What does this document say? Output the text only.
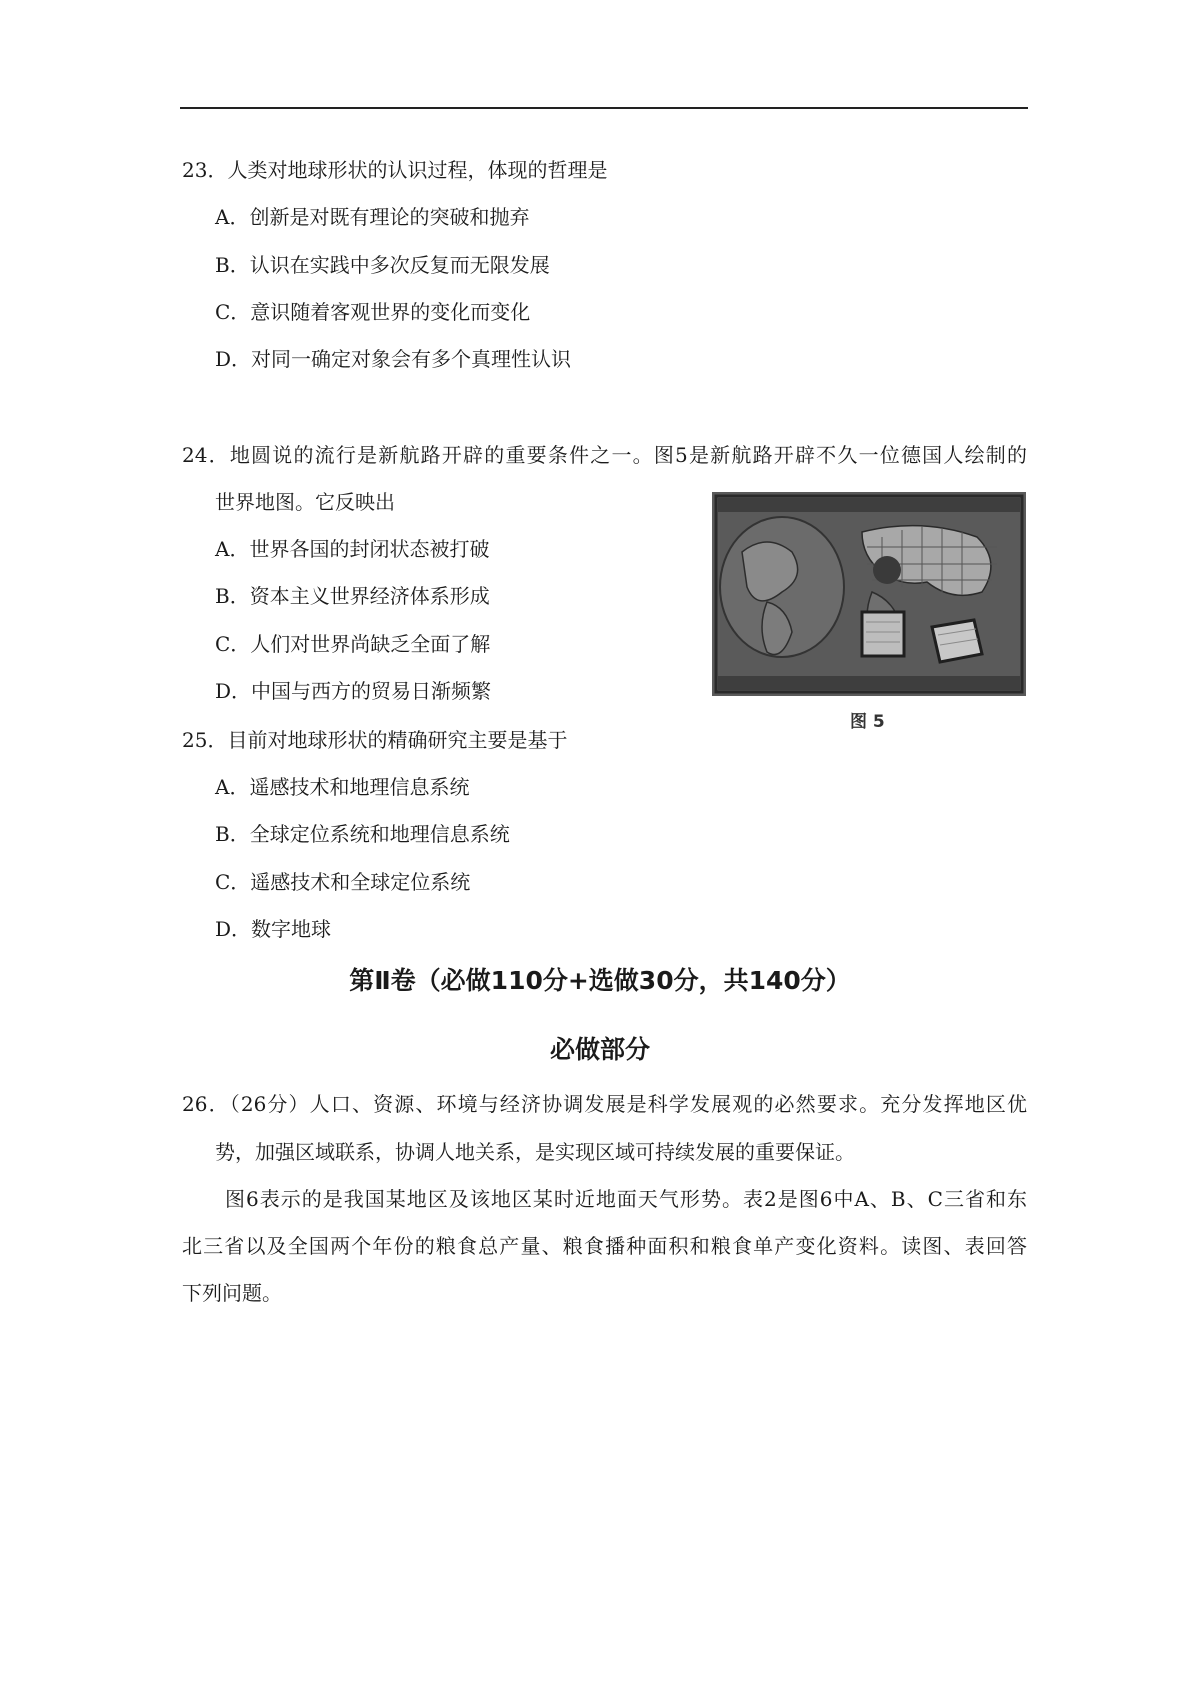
23．人类对地球形状的认识过程，体现的哲理是
A．创新是对既有理论的突破和抛弃
B．认识在实践中多次反复而无限发展
C．意识随着客观世界的变化而变化
D．对同一确定对象会有多个真理性认识
24．地圆说的流行是新航路开辟的重要条件之一。图5是新航路开辟不久一位德国人绘制的
世界地图。它反映出
A．世界各国的封闭状态被打破
B．资本主义世界经济体系形成
C．人们对世界尚缺乏全面了解
D．中国与西方的贸易日渐频繁
图 5
25．目前对地球形状的精确研究主要是基于
A．遥感技术和地理信息系统
B．全球定位系统和地理信息系统
C．遥感技术和全球定位系统
D．数字地球
第Ⅱ卷（必做110分+选做30分，共140分）
必做部分
26．（26分）人口、资源、环境与经济协调发展是科学发展观的必然要求。充分发挥地区优
势，加强区域联系，协调人地关系，是实现区域可持续发展的重要保证。
图6表示的是我国某地区及该地区某时近地面天气形势。表2是图6中A、B、C三省和东
北三省以及全国两个年份的粮食总产量、粮食播种面积和粮食单产变化资料。读图、表回答
下列问题。
